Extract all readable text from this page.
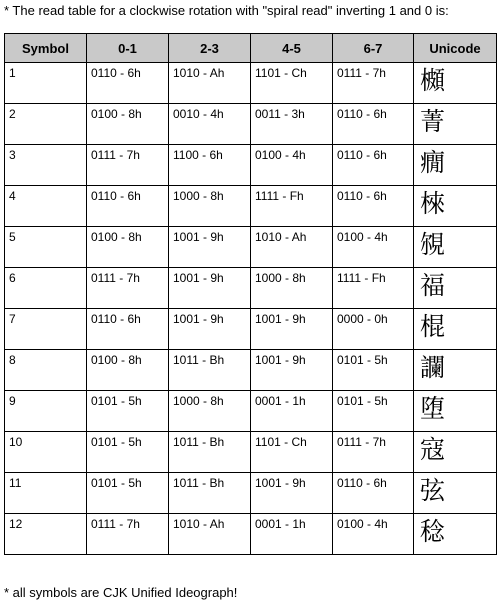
* The read table for a clockwise rotation with "spiral read" inverting 1 and 0 is:
Symbol	0-1	2-3	4-5	6-7	Unicode
1	0110 - 6h	1010 - Ah	1101 - Ch	0111 - 7h	櫇
2	0100 - 8h	0010 - 4h	0011 - 3h	0110 - 6h	菁
3	0111 - 7h	1100 - 6h	0100 - 4h	0110 - 6h	癇
4	0110 - 6h	1000 - 8h	1111 - Fh	0110 - 6h	棶
5	0100 - 8h	1001 - 9h	1010 - Ah	0100 - 4h	覙
6	0111 - 7h	1001 - 9h	1000 - 8h	1111 - Fh	福
7	0110 - 6h	1001 - 9h	1001 - 9h	0000 - 0h	棍
8	0100 - 8h	1011 - Bh	1001 - 9h	0101 - 5h	讕
9	0101 - 5h	1000 - 8h	0001 - 1h	0101 - 5h	堕
10	0101 - 5h	1011 - Bh	1101 - Ch	0111 - 7h	寇
11	0101 - 5h	1011 - Bh	1001 - 9h	0110 - 6h	弦
12	0111 - 7h	1010 - Ah	0001 - 1h	0100 - 4h	稔
* all symbols are CJK Unified Ideograph!
